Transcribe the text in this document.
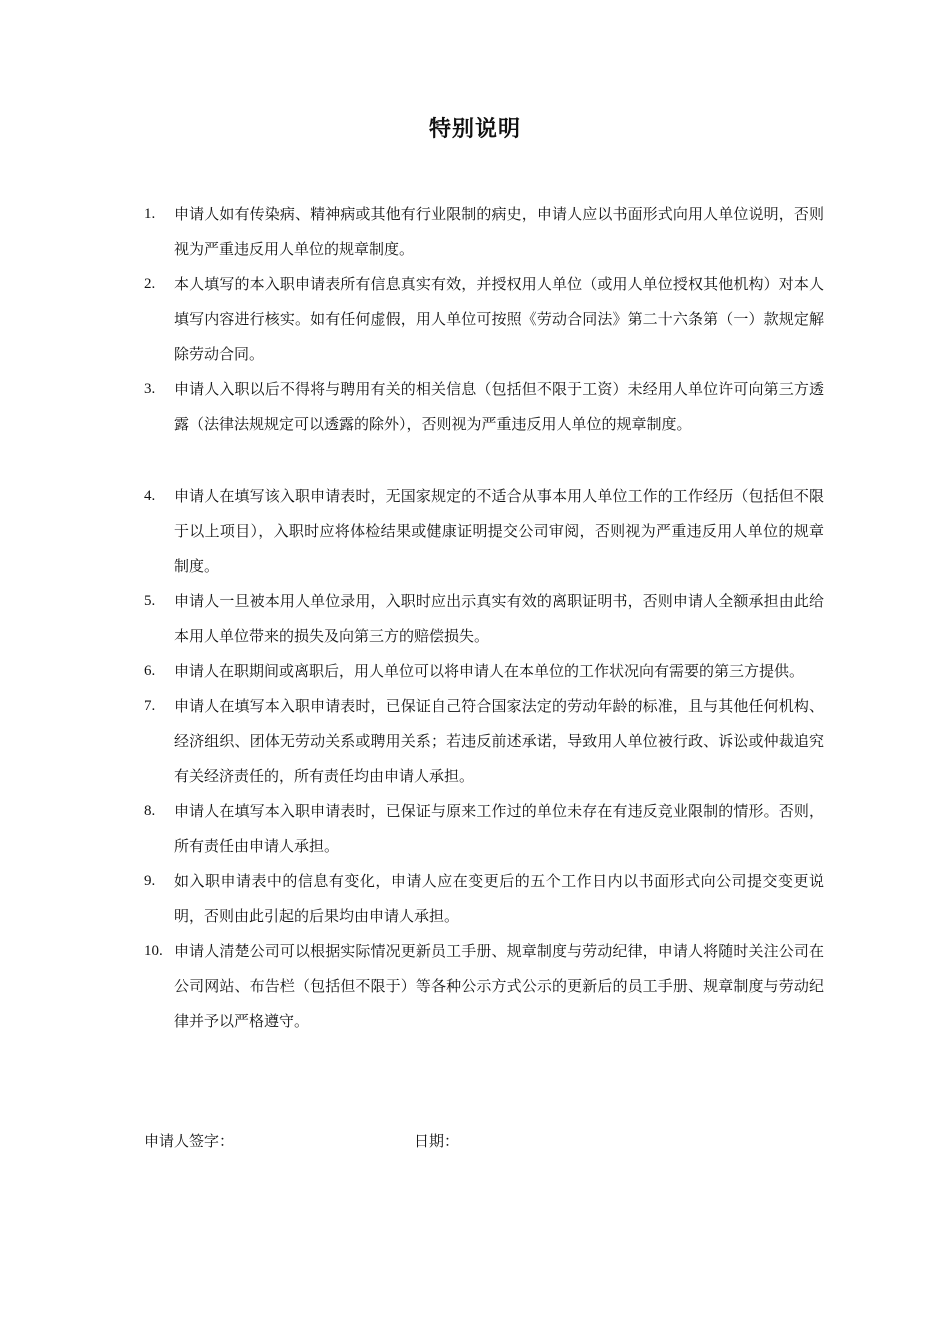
特别说明
1.	申请人如有传染病、精神病或其他有行业限制的病史，申请人应以书面形式向用人单位说明，否则视为严重违反用人单位的规章制度。
2.	本人填写的本入职申请表所有信息真实有效，并授权用人单位（或用人单位授权其他机构）对本人填写内容进行核实。如有任何虚假，用人单位可按照《劳动合同法》第二十六条第（一）款规定解除劳动合同。
3.	申请人入职以后不得将与聘用有关的相关信息（包括但不限于工资）未经用人单位许可向第三方透露（法律法规规定可以透露的除外），否则视为严重违反用人单位的规章制度。
4.	申请人在填写该入职申请表时，无国家规定的不适合从事本用人单位工作的工作经历（包括但不限于以上项目），入职时应将体检结果或健康证明提交公司审阅，否则视为严重违反用人单位的规章制度。
5.	申请人一旦被本用人单位录用，入职时应出示真实有效的离职证明书，否则申请人全额承担由此给本用人单位带来的损失及向第三方的赔偿损失。
6.	申请人在职期间或离职后，用人单位可以将申请人在本单位的工作状况向有需要的第三方提供。
7.	申请人在填写本入职申请表时，已保证自己符合国家法定的劳动年龄的标准，且与其他任何机构、经济组织、团体无劳动关系或聘用关系；若违反前述承诺，导致用人单位被行政、诉讼或仲裁追究有关经济责任的，所有责任均由申请人承担。
8.	申请人在填写本入职申请表时，已保证与原来工作过的单位未存在有违反竞业限制的情形。否则，所有责任由申请人承担。
9.	如入职申请表中的信息有变化，申请人应在变更后的五个工作日内以书面形式向公司提交变更说明，否则由此引起的后果均由申请人承担。
10. 申请人清楚公司可以根据实际情况更新员工手册、规章制度与劳动纪律，申请人将随时关注公司在公司网站、布告栏（包括但不限于）等各种公示方式公示的更新后的员工手册、规章制度与劳动纪律并予以严格遵守。
申请人签字：	日期：
